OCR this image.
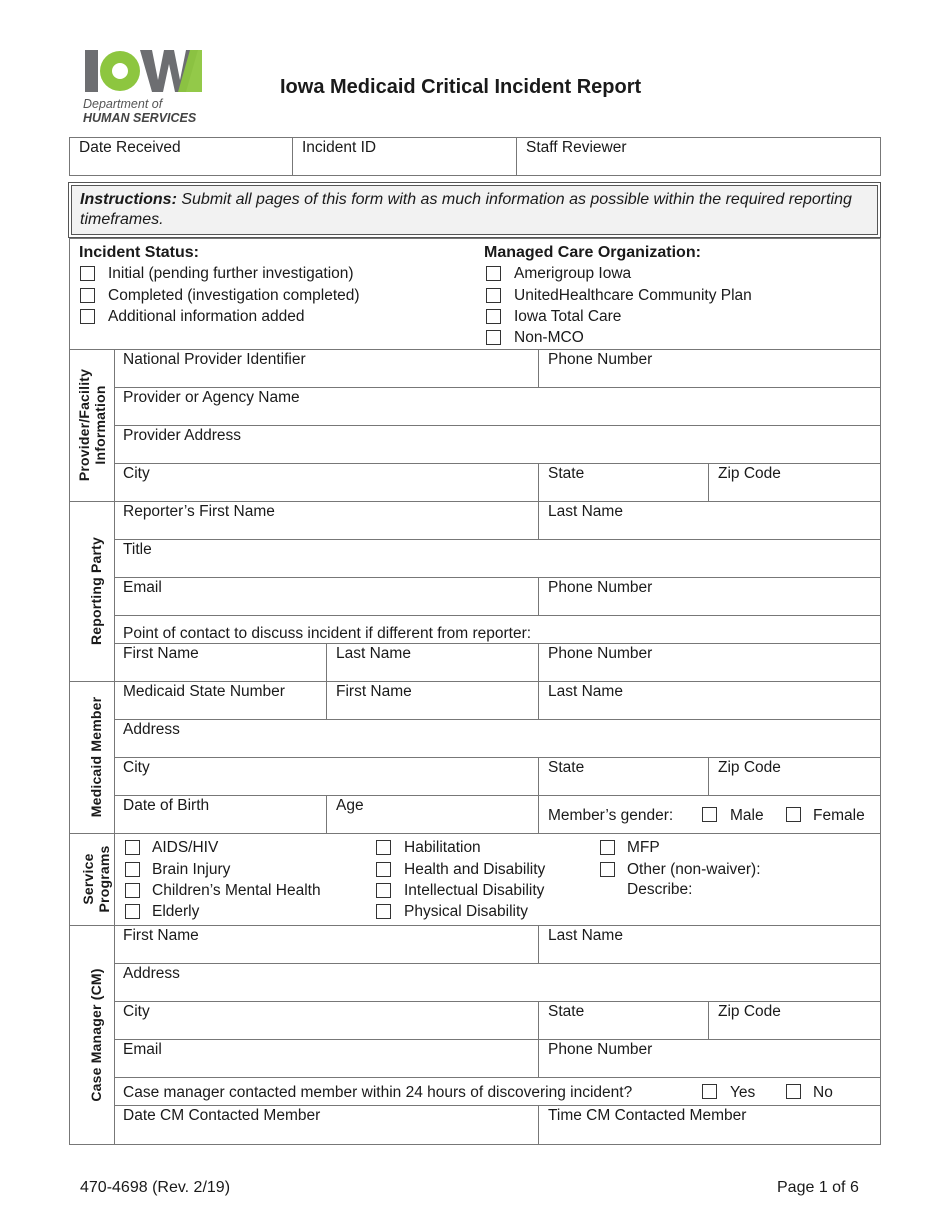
Department of
HUMAN SERVICES
Iowa Medicaid Critical Incident Report
Date Received	Incident ID	Staff Reviewer
Instructions: Submit all pages of this form with as much information as possible within the required reporting timeframes.
Incident Status:
Initial (pending further investigation)
Completed (investigation completed)
Additional information added
Managed Care Organization:
Amerigroup Iowa
UnitedHealthcare Community Plan
Iowa Total Care
Non-MCO
Provider/Facility Information
National Provider Identifier	Phone Number
Provider or Agency Name
Provider Address
City	State	Zip Code
Reporting Party
Reporter’s First Name	Last Name
Title
Email	Phone Number
Point of contact to discuss incident if different from reporter:
First Name	Last Name	Phone Number
Medicaid Member
Medicaid State Number	First Name	Last Name
Address
City	State	Zip Code
Date of Birth	Age
Member’s gender:	Male	Female
Service Programs	AIDS/HIV
Brain Injury
Children’s Mental Health
Elderly
Habilitation
Health and Disability
Intellectual Disability
Physical Disability
MFP
Other (non-waiver):
Describe:
Case Manager (CM)
First Name	Last Name
Address
City	State	Zip Code
Email	Phone Number
Case manager contacted member within 24 hours of discovering incident?	Yes	No
Date CM Contacted Member	Time CM Contacted Member
470-4698 (Rev. 2/19)	Page 1 of 6
